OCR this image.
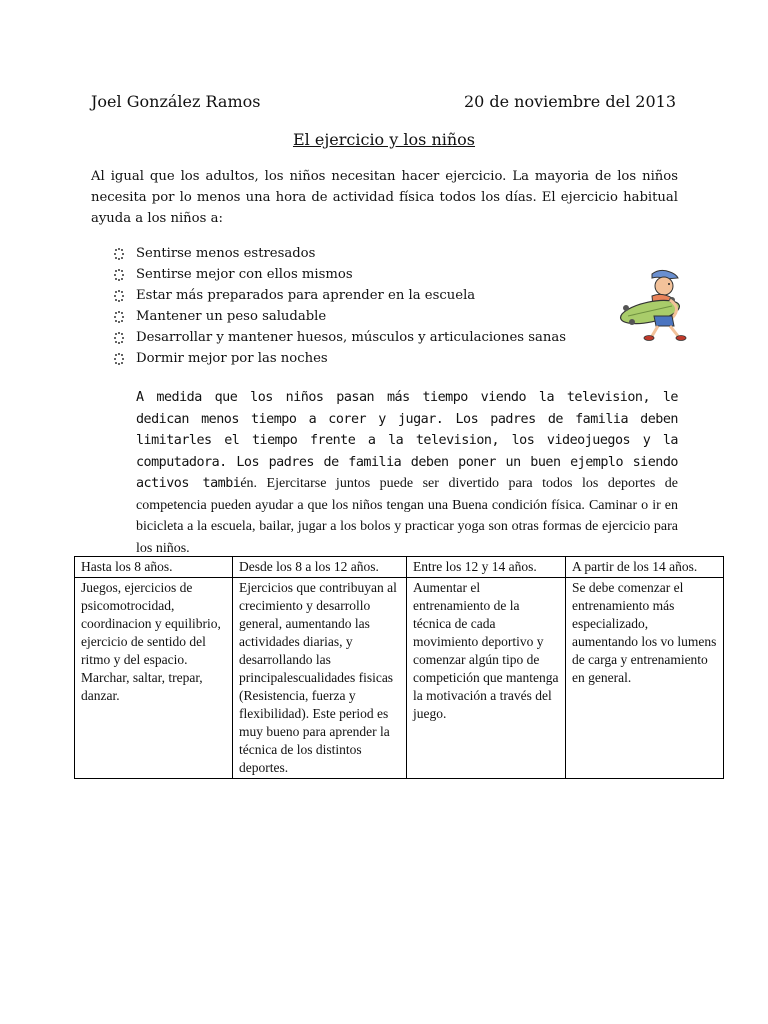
Joel González Ramos	20 de noviembre del 2013
El ejercicio y los niños
Al igual que los adultos, los niños necesitan hacer ejercicio. La mayoria de los niños necesita por lo menos una hora de actividad física todos los días. El ejercicio habitual ayuda a los niños a:
Sentirse menos estresados
Sentirse mejor con ellos mismos
Estar más preparados para aprender en la escuela
Mantener un peso saludable
Desarrollar y mantener huesos, músculos y articulaciones sanas
Dormir mejor por las noches
A medida que los niños pasan más tiempo viendo la television, le dedican menos tiempo a corer y jugar. Los padres de familia deben limitarles el tiempo frente a la television, los videojuegos y la computadora. Los padres de familia deben poner un buen ejemplo siendo activos también. Ejercitarse juntos puede ser divertido para todos los deportes de competencia pueden ayudar a que los niños tengan una Buena condición física. Caminar o ir en bicicleta a la escuela, bailar, jugar a los bolos y practicar yoga son otras formas de ejercicio para los niños.
Hasta los 8 años.	Desde los 8 a los 12 años.	Entre los 12 y 14 años.	A partir de los 14 años.
Juegos, ejercicios de psicomotrocidad, coordinacion y equilibrio, ejercicio de sentido del ritmo y del espacio. Marchar, saltar, trepar, danzar.	Ejercicios que contribuyan al crecimiento y desarrollo general, aumentando las actividades diarias, y desarrollando las principalescualidades fisicas (Resistencia, fuerza y flexibilidad). Este period es muy bueno para aprender la técnica de los distintos deportes.	Aumentar el entrenamiento de la técnica de cada movimiento deportivo y comenzar algún tipo de competición que mantenga la motivación a través del juego.	Se debe comenzar el entrenamiento más especializado, aumentando los vo lumens de carga y entrenamiento en general.
